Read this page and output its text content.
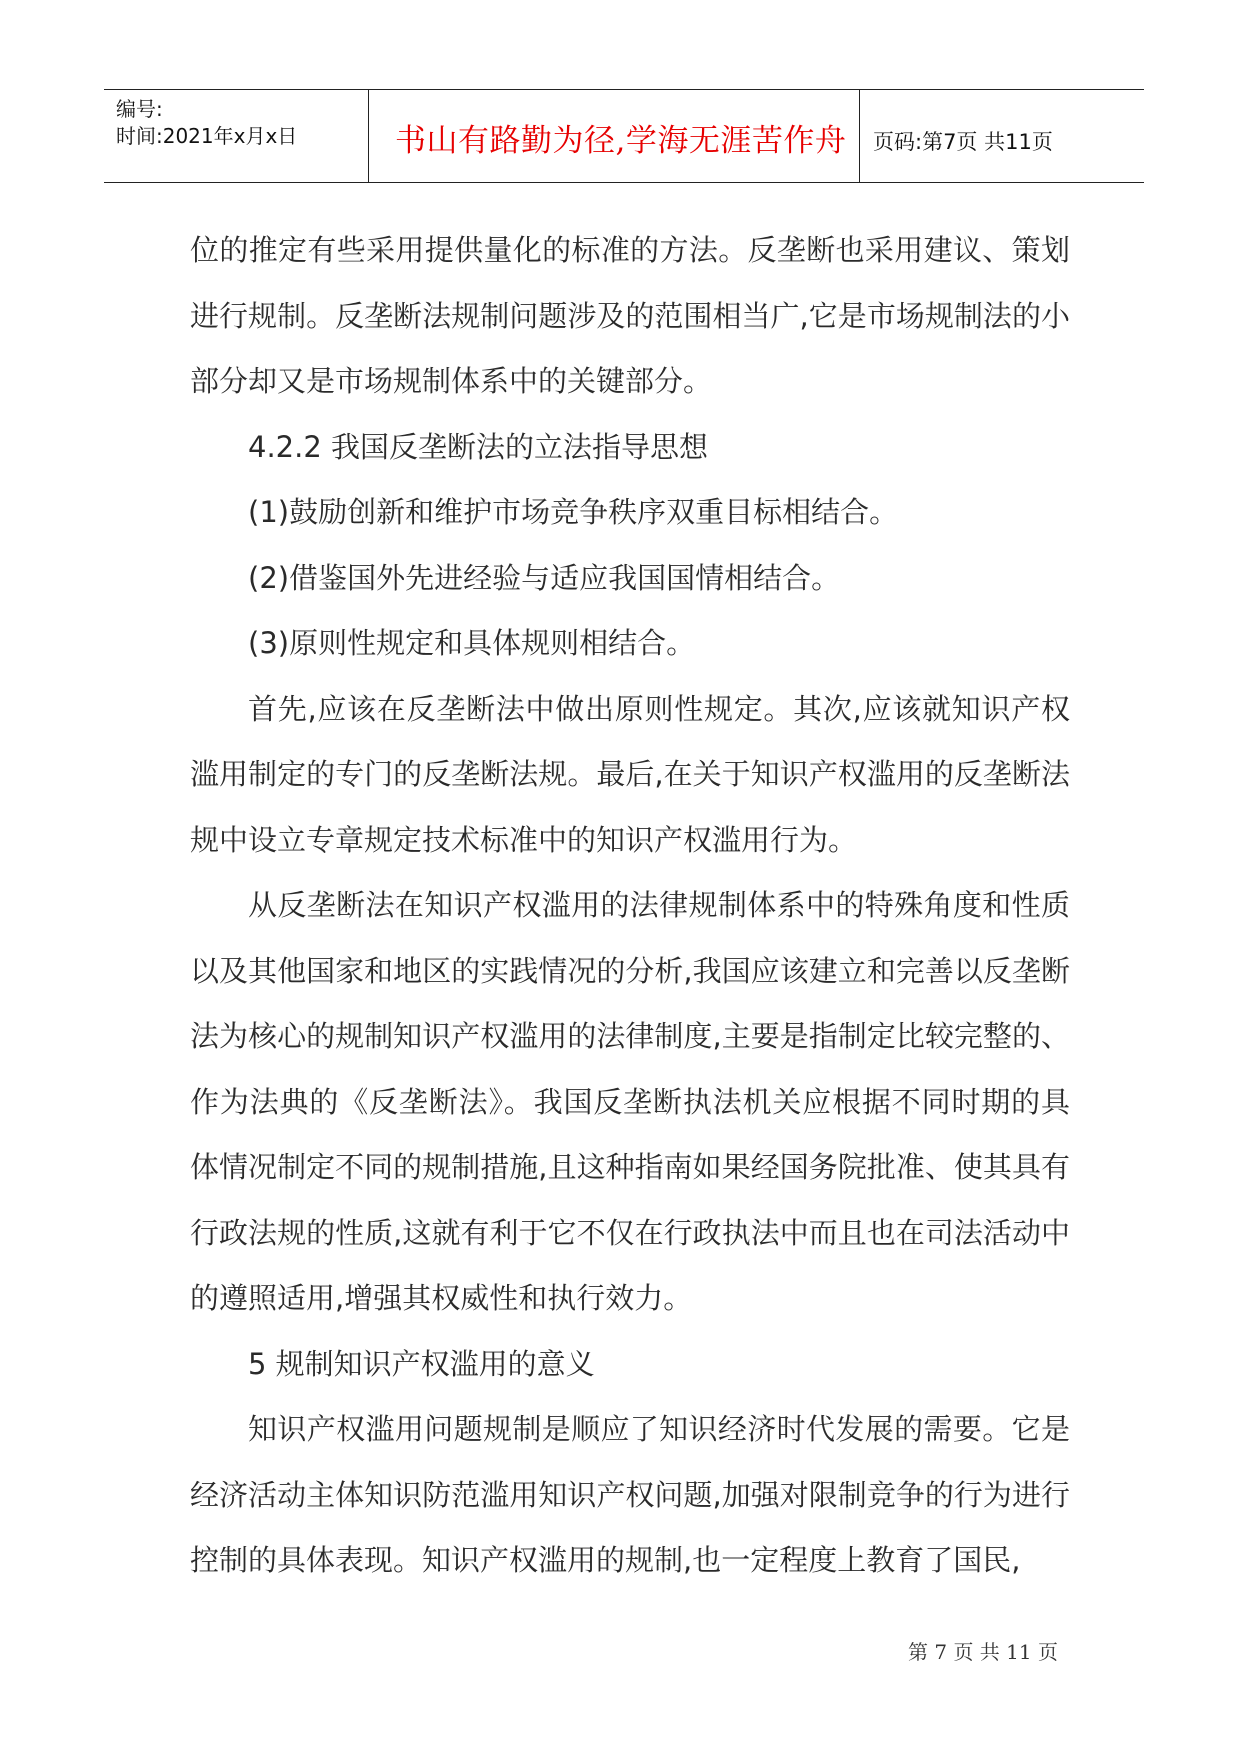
编号:
时间:2021年x月x日	书山有路勤为径,学海无涯苦作舟 页码:第7页 共11页

位的推定有些采用提供量化的标准的方法。反垄断也采用建议、策划进行规制。反垄断法规制问题涉及的范围相当广,它是市场规制法的小部分却又是市场规制体系中的关键部分。

4.2.2 我国反垄断法的立法指导思想

(1)鼓励创新和维护市场竞争秩序双重目标相结合。

(2)借鉴国外先进经验与适应我国国情相结合。

(3)原则性规定和具体规则相结合。

首先,应该在反垄断法中做出原则性规定。其次,应该就知识产权滥用制定的专门的反垄断法规。最后,在关于知识产权滥用的反垄断法规中设立专章规定技术标准中的知识产权滥用行为。

从反垄断法在知识产权滥用的法律规制体系中的特殊角度和性质以及其他国家和地区的实践情况的分析,我国应该建立和完善以反垄断法为核心的规制知识产权滥用的法律制度,主要是指制定比较完整的、作为法典的《反垄断法》。我国反垄断执法机关应根据不同时期的具体情况制定不同的规制措施,且这种指南如果经国务院批准、使其具有行政法规的性质,这就有利于它不仅在行政执法中而且也在司法活动中的遵照适用,增强其权威性和执行效力。

5 规制知识产权滥用的意义

知识产权滥用问题规制是顺应了知识经济时代发展的需要。它是经济活动主体知识防范滥用知识产权问题,加强对限制竞争的行为进行控制的具体表现。知识产权滥用的规制,也一定程度上教育了国民,

第 7 页 共 11 页
